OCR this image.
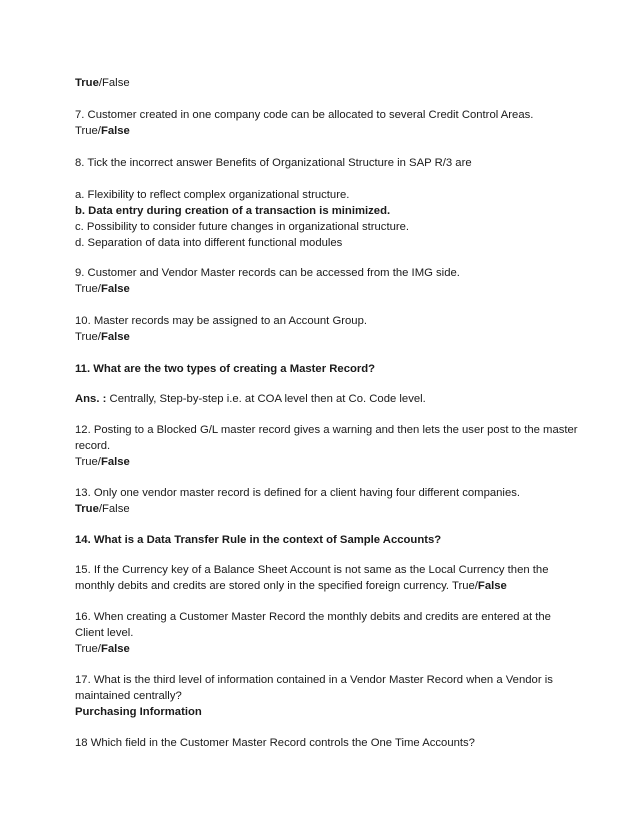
True/False
7. Customer created in one company code can be allocated to several Credit Control Areas.
True/False
8. Tick the incorrect answer Benefits of Organizational Structure in SAP R/3 are
a. Flexibility to reflect complex organizational structure.
b. Data entry during creation of a transaction is minimized.
c. Possibility to consider future changes in organizational structure.
d. Separation of data into different functional modules
9. Customer and Vendor Master records can be accessed from the IMG side.
True/False
10. Master records may be assigned to an Account Group.
True/False
11. What are the two types of creating a Master Record?
Ans. : Centrally, Step-by-step i.e. at COA level then at Co. Code level.
12. Posting to a Blocked G/L master record gives a warning and then lets the user post to the master
record.
True/False
13. Only one vendor master record is defined for a client having four different companies.
True/False
14. What is a Data Transfer Rule in the context of Sample Accounts?
15. If the Currency key of a Balance Sheet Account is not same as the Local Currency then the
monthly debits and credits are stored only in the specified foreign currency. True/False
16. When creating a Customer Master Record the monthly debits and credits are entered at the
Client level.
True/False
17. What is the third level of information contained in a Vendor Master Record when a Vendor is
maintained centrally?
Purchasing Information
18 Which field in the Customer Master Record controls the One Time Accounts?
